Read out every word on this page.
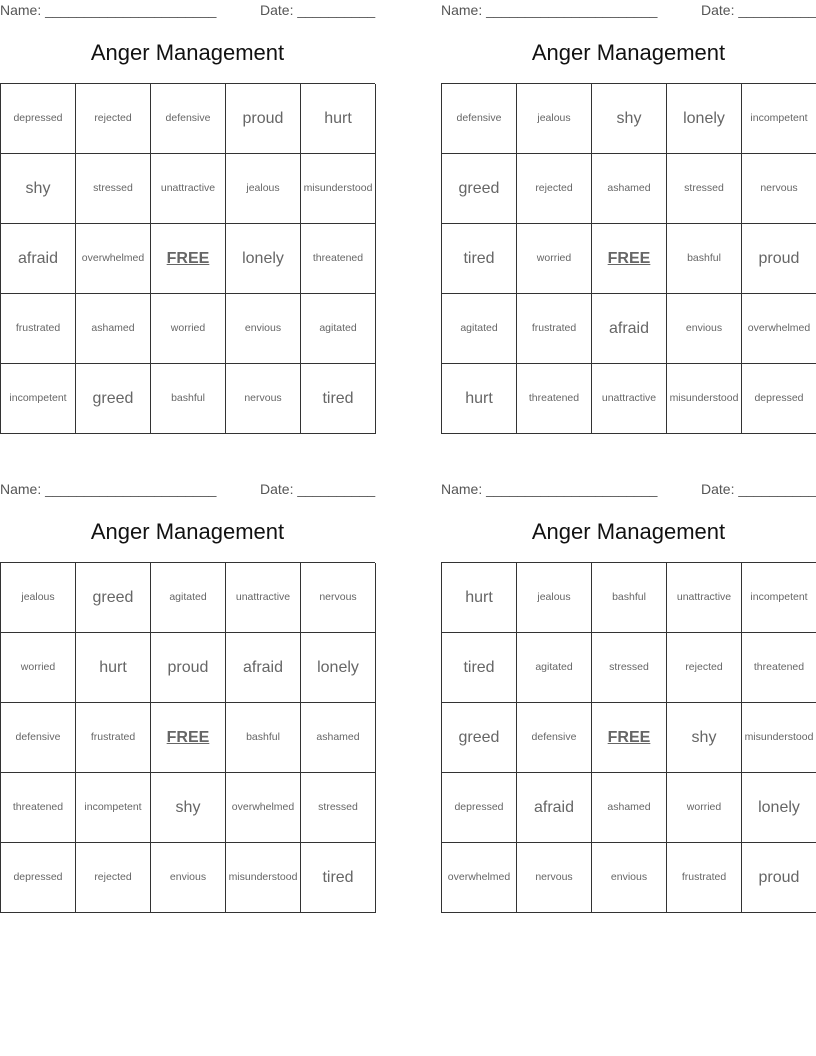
Name: ______________________	Date: __________
Anger Management
depressed	rejected	defensive	proud	hurt
shy	stressed	unattractive	jealous	misunderstood
afraid	overwhelmed	FREE	lonely	threatened
frustrated	ashamed	worried	envious	agitated
incompetent	greed	bashful	nervous	tired
Name: ______________________	Date: __________
Anger Management
defensive	jealous	shy	lonely	incompetent
greed	rejected	ashamed	stressed	nervous
tired	worried	FREE	bashful	proud
agitated	frustrated	afraid	envious	overwhelmed
hurt	threatened	unattractive	misunderstood	depressed
Name: ______________________	Date: __________
Anger Management
jealous	greed	agitated	unattractive	nervous
worried	hurt	proud	afraid	lonely
defensive	frustrated	FREE	bashful	ashamed
threatened	incompetent	shy	overwhelmed	stressed
depressed	rejected	envious	misunderstood	tired
Name: ______________________	Date: __________
Anger Management
hurt	jealous	bashful	unattractive	incompetent
tired	agitated	stressed	rejected	threatened
greed	defensive	FREE	shy	misunderstood
depressed	afraid	ashamed	worried	lonely
overwhelmed	nervous	envious	frustrated	proud
